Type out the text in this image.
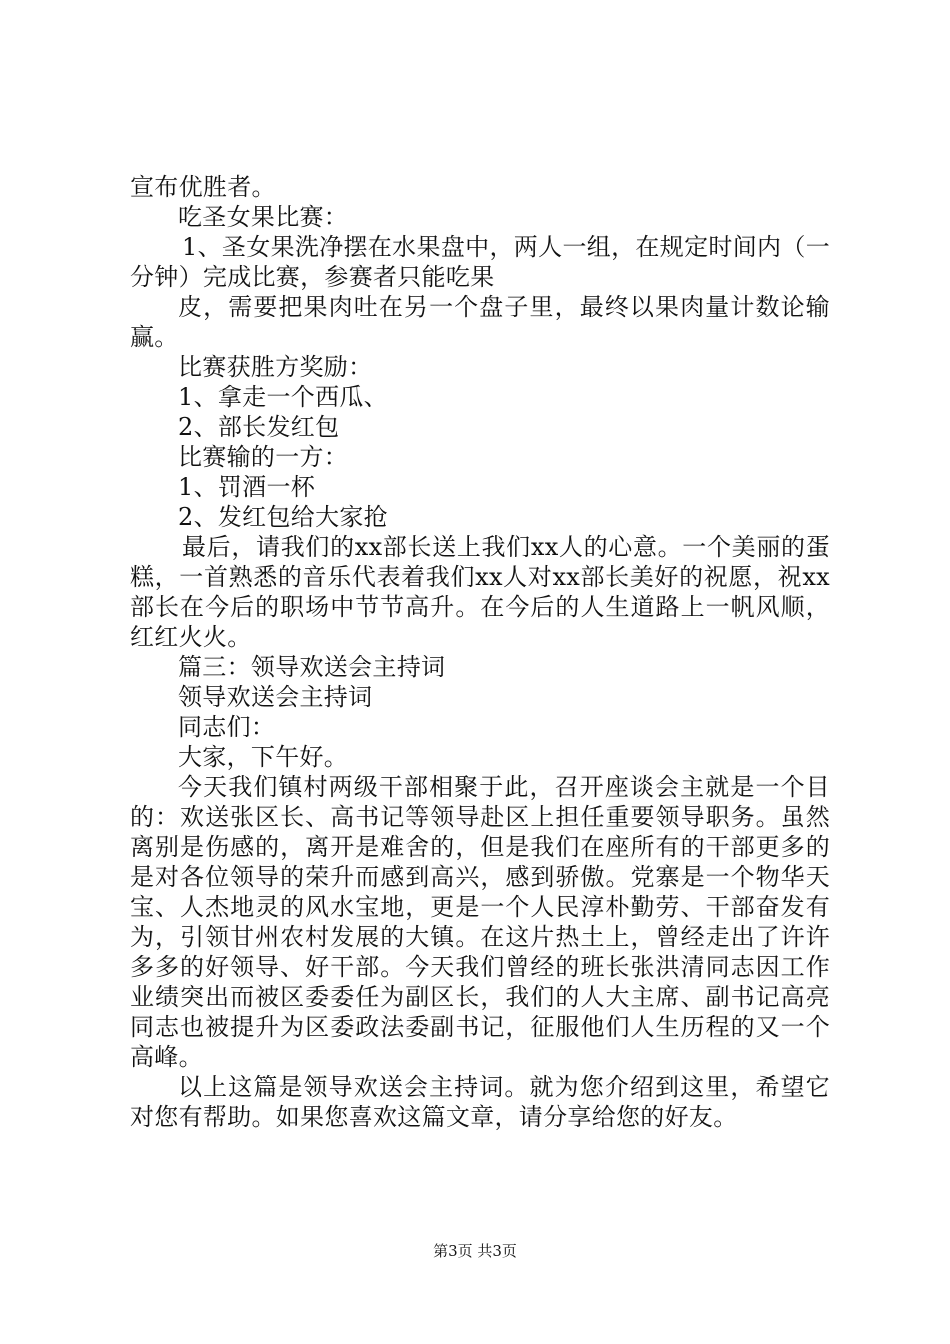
宣布优胜者。

吃圣女果比赛：

1、圣女果洗净摆在水果盘中，两人一组，在规定时间内（一分钟）完成比赛，参赛者只能吃果

皮，需要把果肉吐在另一个盘子里，最终以果肉量计数论输赢。

比赛获胜方奖励：

1、拿走一个西瓜、

2、部长发红包

比赛输的一方：

1、罚酒一杯

2、发红包给大家抢

最后，请我们的xx部长送上我们xx人的心意。一个美丽的蛋糕，一首熟悉的音乐代表着我们xx人对xx部长美好的祝愿，祝xx部长在今后的职场中节节高升。在今后的人生道路上一帆风顺，红红火火。

篇三：领导欢送会主持词

领导欢送会主持词

同志们：

大家，下午好。

今天我们镇村两级干部相聚于此，召开座谈会主就是一个目的：欢送张区长、高书记等领导赴区上担任重要领导职务。虽然离别是伤感的，离开是难舍的，但是我们在座所有的干部更多的是对各位领导的荣升而感到高兴，感到骄傲。党寨是一个物华天宝、人杰地灵的风水宝地，更是一个人民淳朴勤劳、干部奋发有为，引领甘州农村发展的大镇。在这片热土上，曾经走出了许许多多的好领导、好干部。今天我们曾经的班长张洪清同志因工作业绩突出而被区委委任为副区长，我们的人大主席、副书记高亮同志也被提升为区委政法委副书记，征服他们人生历程的又一个高峰。

以上这篇是领导欢送会主持词。就为您介绍到这里，希望它对您有帮助。如果您喜欢这篇文章，请分享给您的好友。

第3页 共3页
